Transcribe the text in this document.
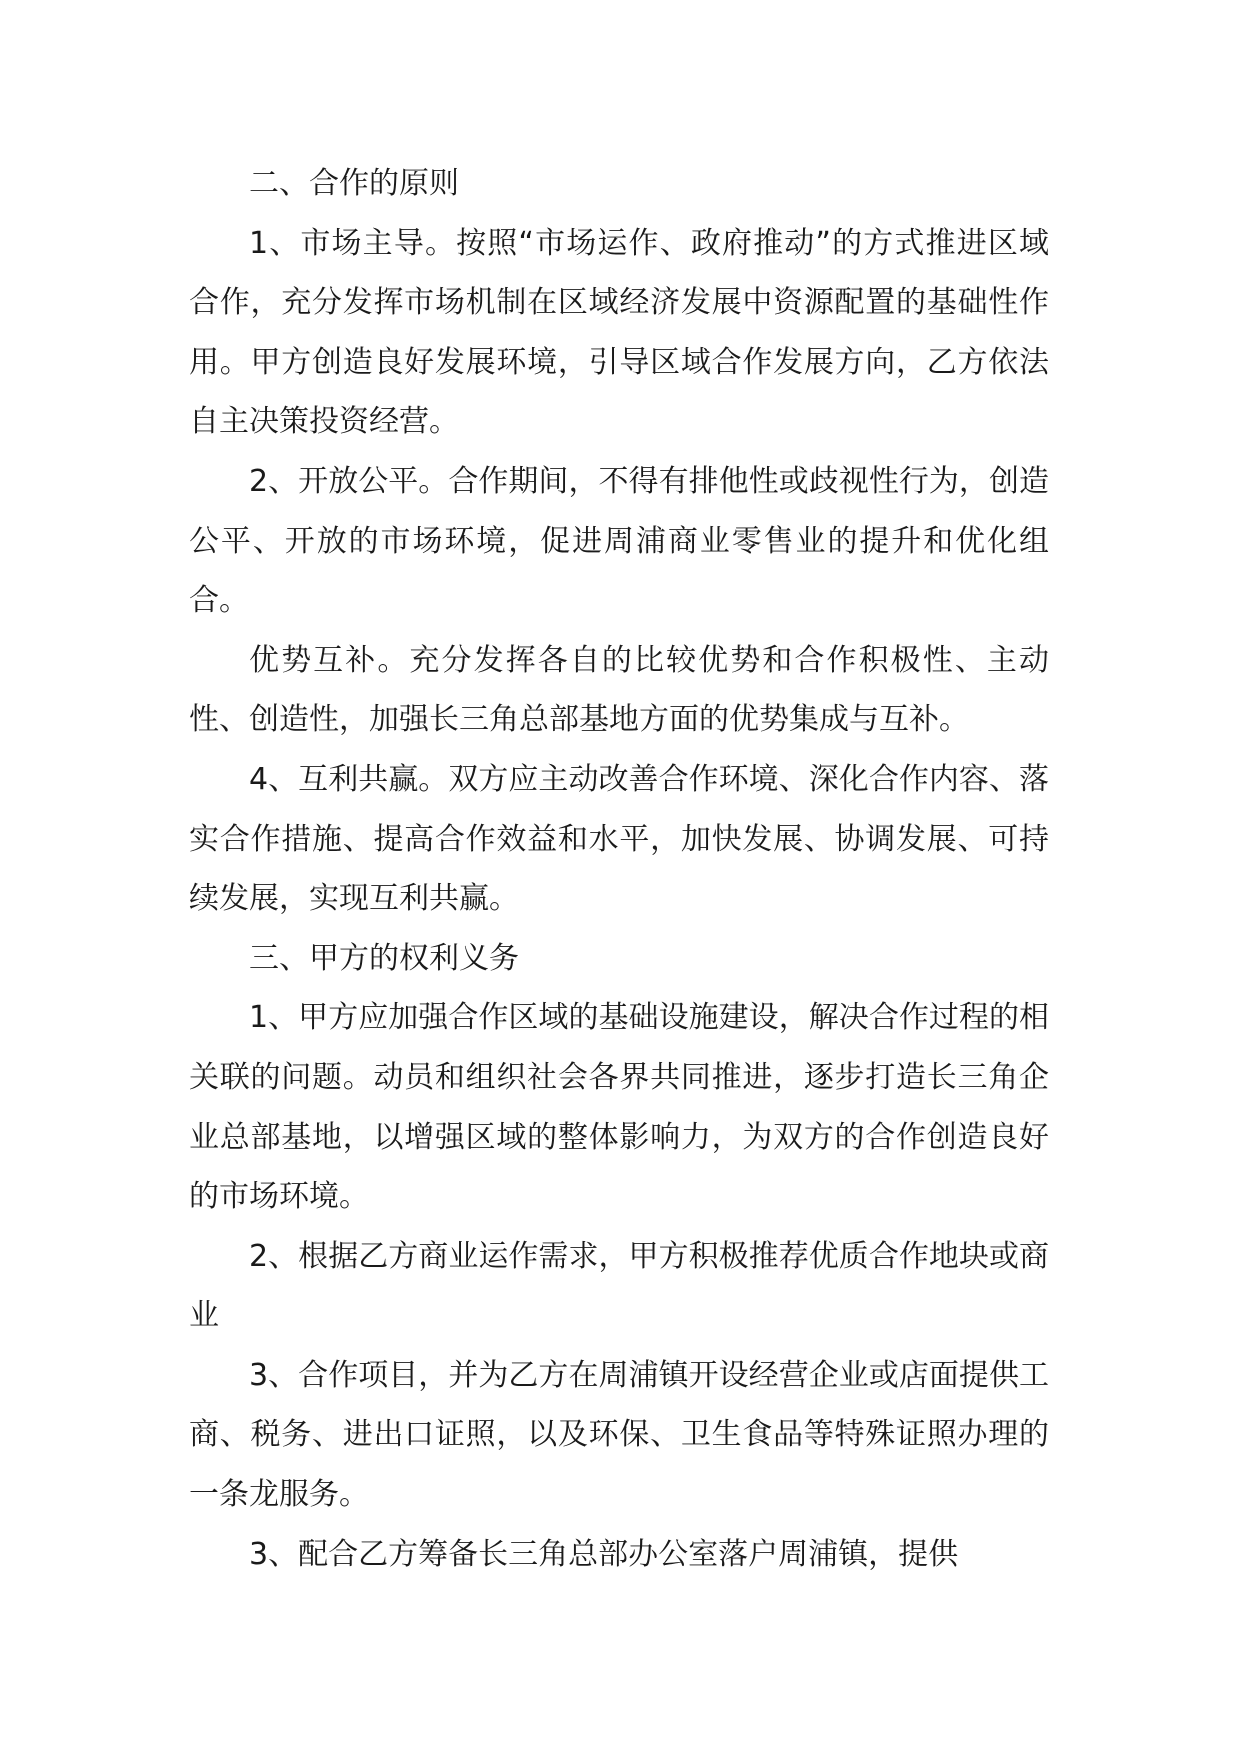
二、合作的原则

1、市场主导。按照“市场运作、政府推动”的方式推进区域合作，充分发挥市场机制在区域经济发展中资源配置的基础性作用。甲方创造良好发展环境，引导区域合作发展方向，乙方依法自主决策投资经营。

2、开放公平。合作期间，不得有排他性或歧视性行为，创造公平、开放的市场环境，促进周浦商业零售业的提升和优化组合。

优势互补。充分发挥各自的比较优势和合作积极性、主动性、创造性，加强长三角总部基地方面的优势集成与互补。

4、互利共赢。双方应主动改善合作环境、深化合作内容、落实合作措施、提高合作效益和水平，加快发展、协调发展、可持续发展，实现互利共赢。

三、甲方的权利义务

1、甲方应加强合作区域的基础设施建设，解决合作过程的相关联的问题。动员和组织社会各界共同推进，逐步打造长三角企业总部基地，以增强区域的整体影响力，为双方的合作创造良好的市场环境。

2、根据乙方商业运作需求，甲方积极推荐优质合作地块或商业

3、合作项目，并为乙方在周浦镇开设经营企业或店面提供工商、税务、进出口证照，以及环保、卫生食品等特殊证照办理的一条龙服务。

3、配合乙方筹备长三角总部办公室落户周浦镇，提供
